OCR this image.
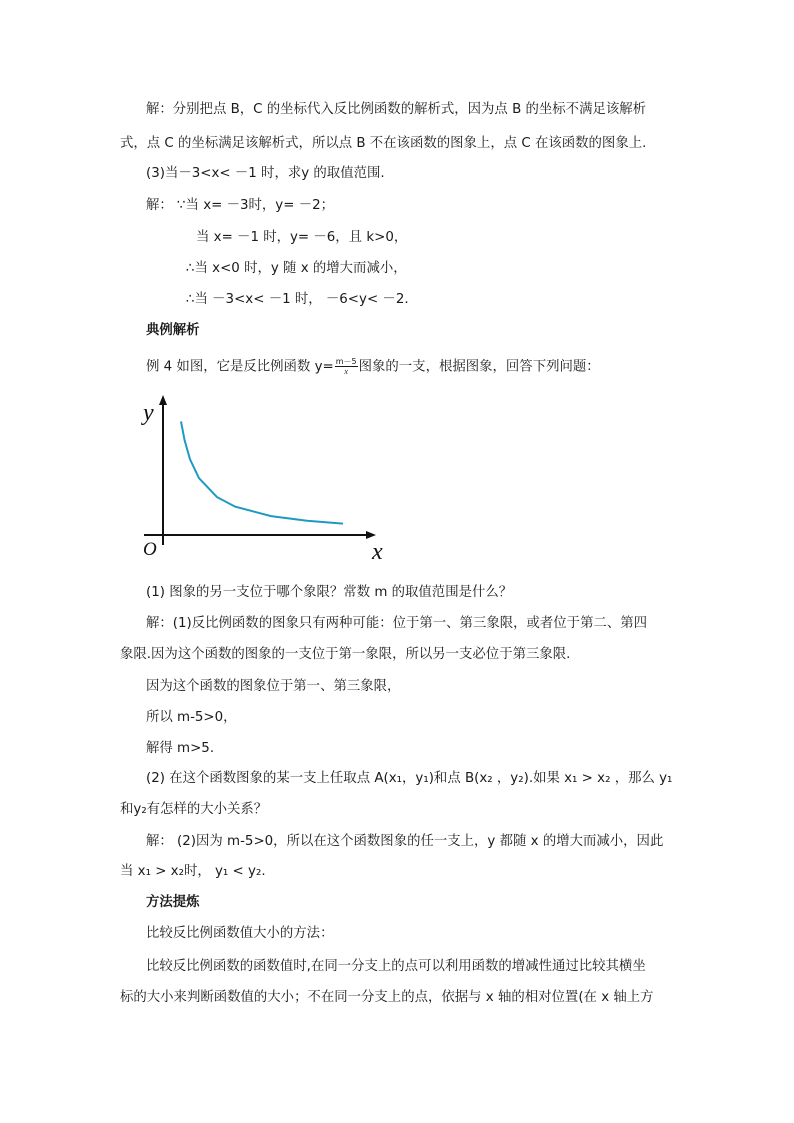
解：分别把点 B，C 的坐标代入反比例函数的解析式，因为点 B 的坐标不满足该解析
式，点 C 的坐标满足该解析式，所以点 B 不在该函数的图象上，点 C 在该函数的图象上.
(3)当－3<x< －1 时，求y 的取值范围.
解： ∵当 x= －3时，y= －2；
当 x= －1 时，y= －6，且 k>0，
∴当 x<0 时，y 随 x 的增大而减小，
∴当 －3<x< －1 时， －6<y< －2.
典例解析
例 4 如图，它是反比例函数 $y= \frac{m-5}{x}$ 图象的一支，根据图象，回答下列问题：
y
x
O
(1) 图象的另一支位于哪个象限？常数 m 的取值范围是什么？
解：(1)反比例函数的图象只有两种可能：位于第一、第三象限，或者位于第二、第四
象限.因为这个函数的图象的一支位于第一象限，所以另一支必位于第三象限.
因为这个函数的图象位于第一、第三象限，
所以 m-5>0，
解得 m>5.
(2) 在这个函数图象的某一支上任取点 A(x₁，y₁)和点 B(x₂ ，y₂).如果 x₁ > x₂ ，那么 y₁
和y₂有怎样的大小关系？
解： (2)因为 m-5>0，所以在这个函数图象的任一支上，y 都随 x 的增大而减小，因此
当 x₁ > x₂时， y₁ < y₂.
方法提炼
比较反比例函数值大小的方法：
比较反比例函数的函数值时,在同一分支上的点可以利用函数的增减性通过比较其横坐
标的大小来判断函数值的大小；不在同一分支上的点，依据与 x 轴的相对位置(在 x 轴上方
